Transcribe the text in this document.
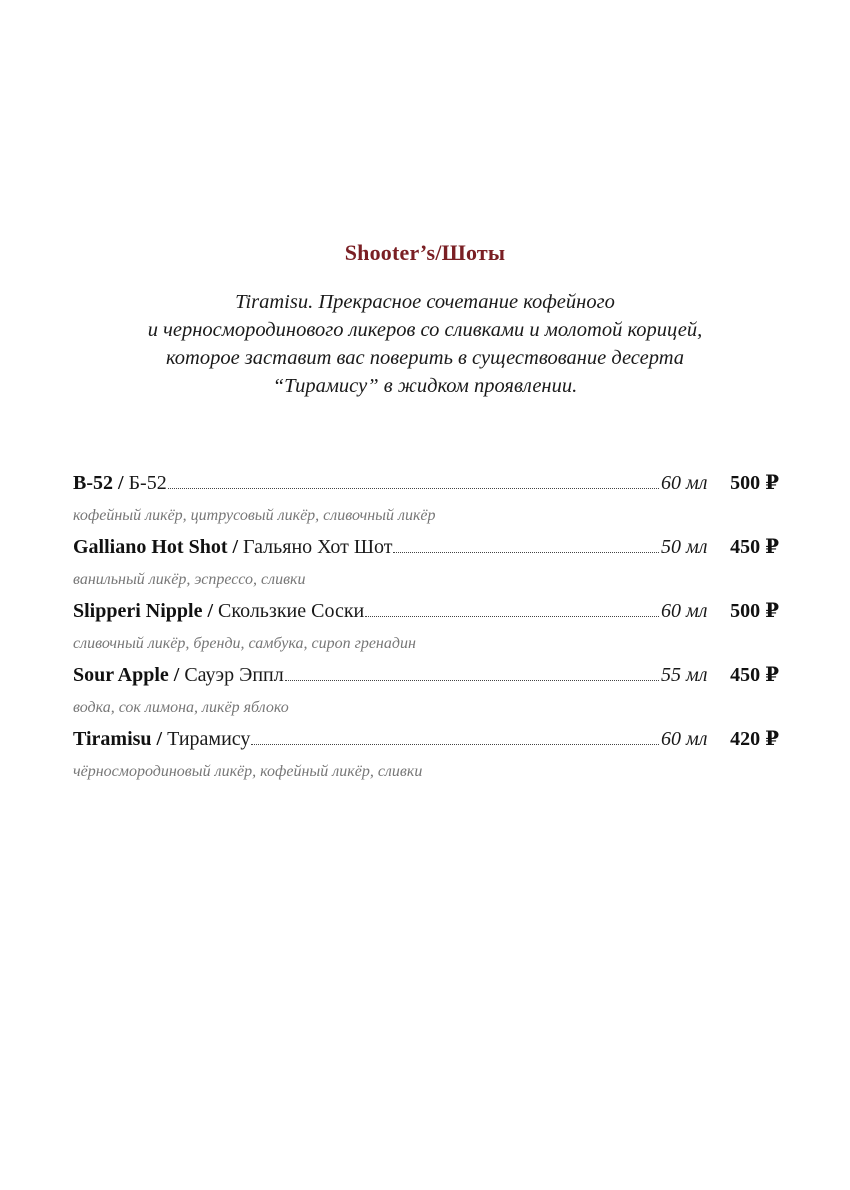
Shooter’s/Шоты
Tiramisu. Прекрасное сочетание кофейного
и черносмородинового ликеров со сливками и молотой корицей,
которое заставит вас поверить в существование десерта
“Тирамису” в жидком проявлении.
B-52 / Б-52	60 мл	500 ₽
кофейный ликёр, цитрусовый ликёр, сливочный ликёр
Galliano Hot Shot / Гальяно Хот Шот	50 мл	450 ₽
ванильный ликёр, эспрессо, сливки
Slipperi Nipple / Скользкие Соски	60 мл	500 ₽
сливочный ликёр, бренди, самбука, сироп гренадин
Sour Apple / Сауэр Эппл	55 мл	450 ₽
водка, сок лимона, ликёр яблоко
Tiramisu / Тирамису	60 мл	420 ₽
чёрносмородиновый ликёр, кофейный ликёр, сливки
